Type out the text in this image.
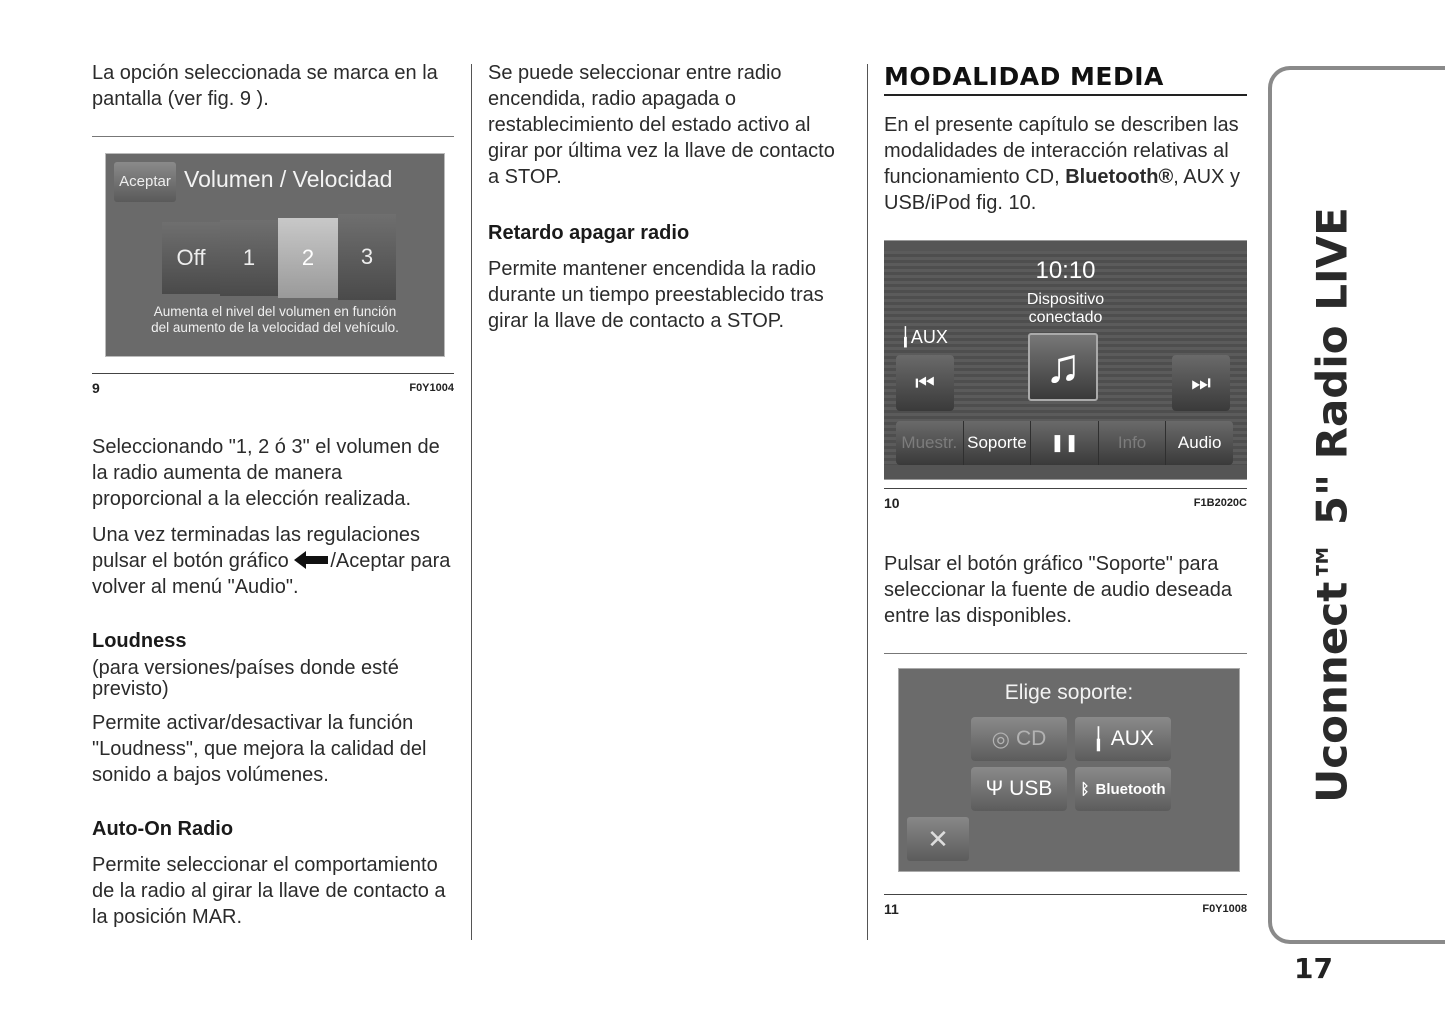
La opción seleccionada se marca en la pantalla (ver fig. 9 ).

Aceptar Volumen / Velocidad
Off	1	2	3
Aumenta el nivel del volumen en función
del aumento de la velocidad del vehículo.
9	F0Y1004

Seleccionando "1, 2 ó 3" el volumen de la radio aumenta de manera proporcional a la elección realizada.

Una vez terminadas las regulaciones pulsar el botón gráfico /Aceptar para volver al menú "Audio".

Loudness

(para versiones/países donde esté previsto)

Permite activar/desactivar la función "Loudness", que mejora la calidad del sonido a bajos volúmenes.

Auto-On Radio

Permite seleccionar el comportamiento de la radio al girar la llave de contacto a la posición MAR.

Se puede seleccionar entre radio encendida, radio apagada o restablecimiento del estado activo al girar por última vez la llave de contacto a STOP.

Retardo apagar radio

Permite mantener encendida la radio durante un tiempo preestablecido tras girar la llave de contacto a STOP.

MODALIDAD MEDIA

En el presente capítulo se describen las modalidades de interacción relativas al funcionamiento CD, Bluetooth®, AUX y USB/iPod fig. 10.

10:10
Dispositivo
conectado
╽AUX
♫
⏮	⏭
Muestr. Soporte	❚❚	Info	Audio
10	F1B2020C

Pulsar el botón gráfico "Soporte" para seleccionar la fuente de audio deseada entre las disponibles.

Elige soporte:
◎ CD ╽ AUX
Ψ USB ᛒ Bluetooth
✕
11	F0Y1008
Uconnect™ 5" Radio LIVE
17
